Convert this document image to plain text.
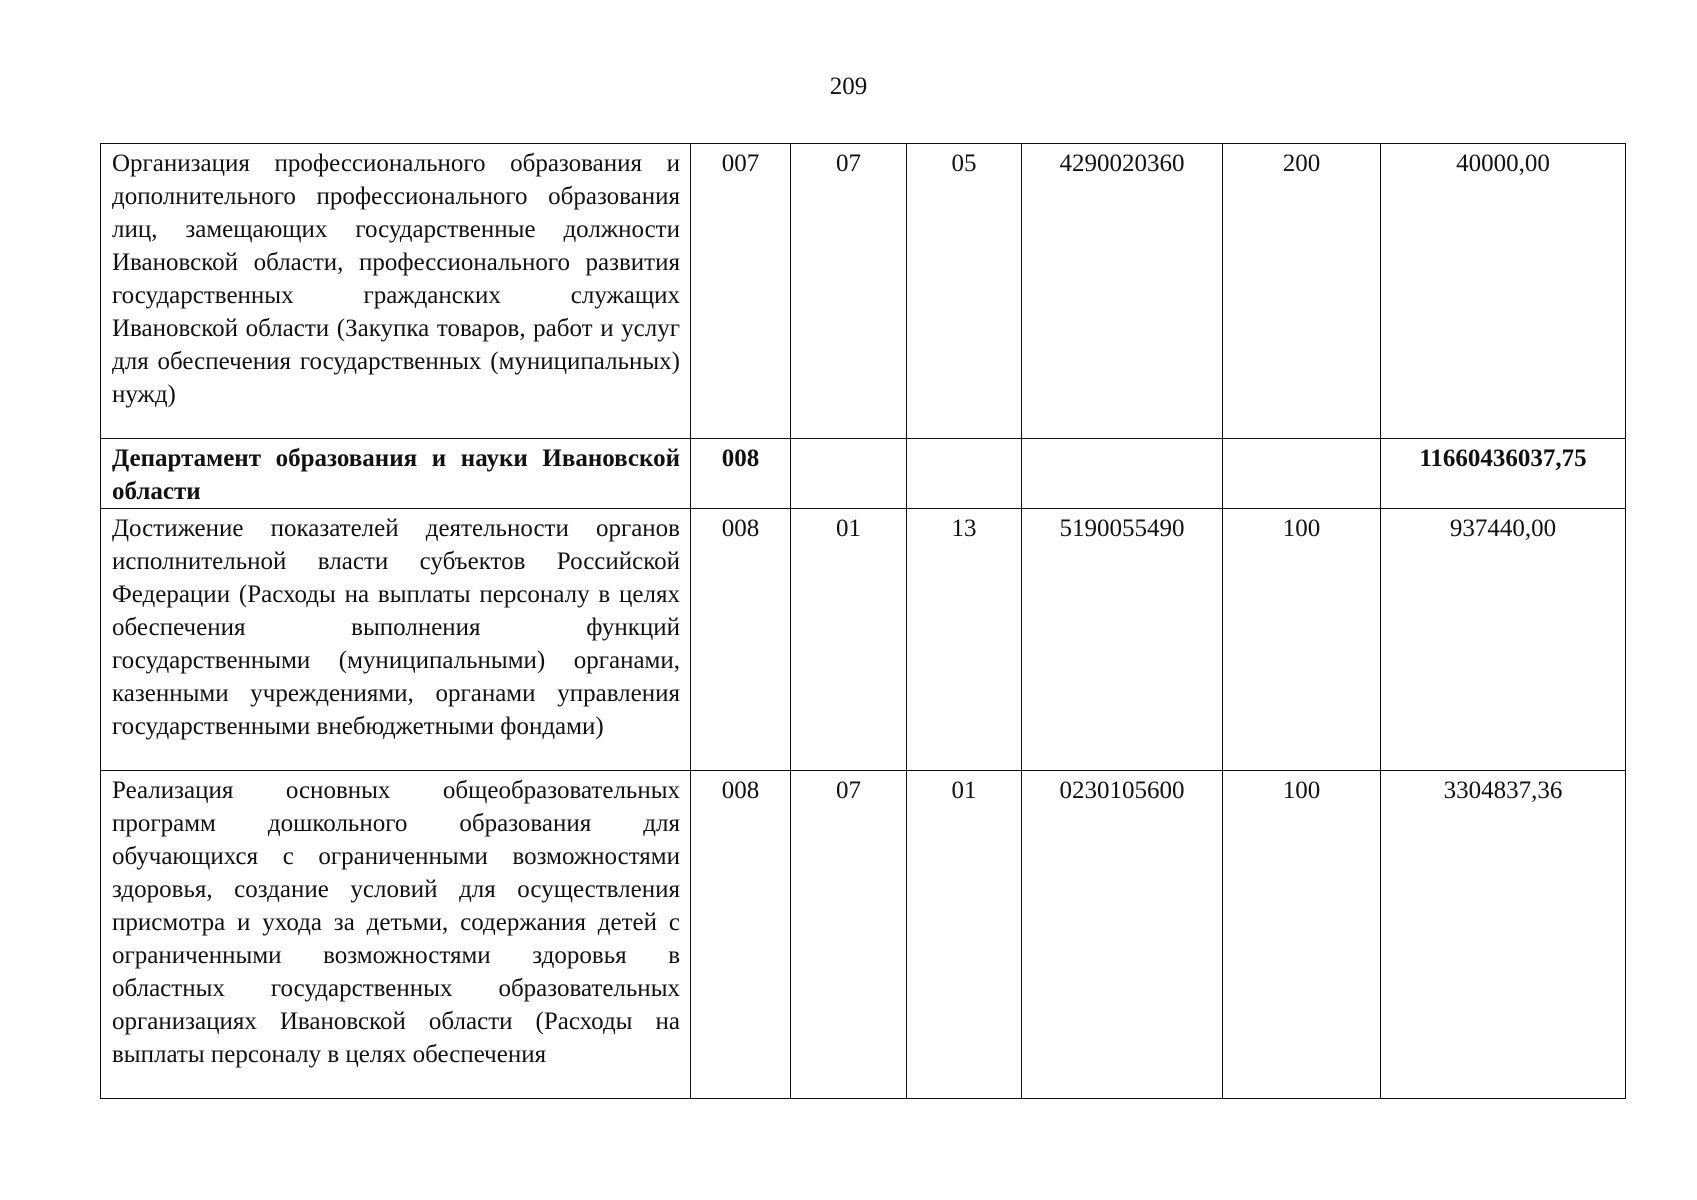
209
Организация профессионального образования и дополнительного профессионального образования лиц, замещающих государственные должности Ивановской области, профессионального развития государственных гражданских служащих Ивановской области (Закупка товаров, работ и услуг для обеспечения государственных (муниципальных) нужд)	007	07	05	4290020360	200	40000,00
Департамент образования и науки Ивановской области	008					11660436037,75
Достижение показателей деятельности органов исполнительной власти субъектов Российской Федерации (Расходы на выплаты персоналу в целях обеспечения выполнения функций государственными (муниципальными) органами, казенными учреждениями, органами управления государственными внебюджетными фондами)	008	01	13	5190055490	100	937440,00
Реализация основных общеобразовательных программ дошкольного образования для обучающихся с ограниченными возможностями здоровья, создание условий для осуществления присмотра и ухода за детьми, содержания детей с ограниченными возможностями здоровья в областных государственных образовательных организациях Ивановской области (Расходы на выплаты персоналу в целях обеспечения	008	07	01	0230105600	100	3304837,36
